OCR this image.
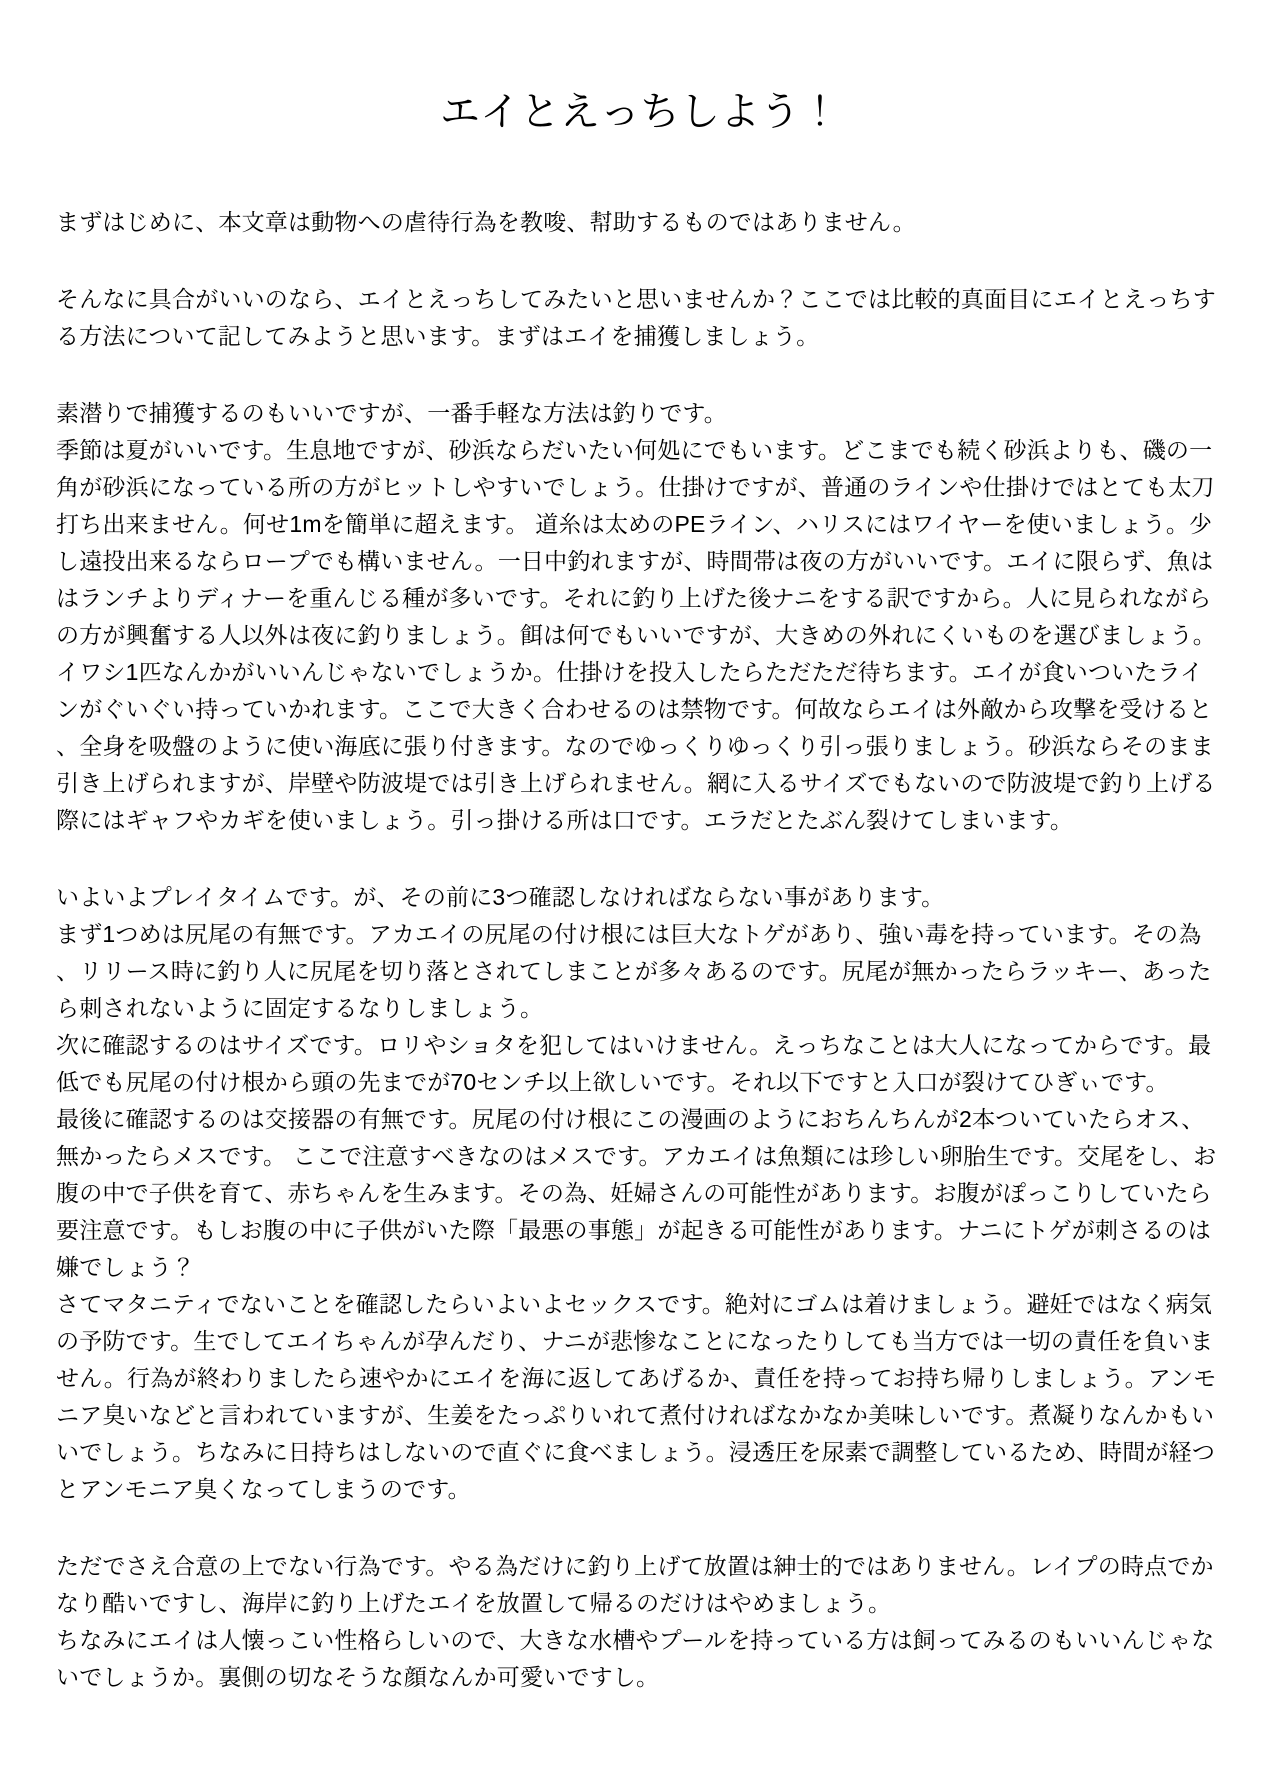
エイとえっちしよう！

まずはじめに、本文章は動物への虐待行為を教唆、幇助するものではありません。

そんなに具合がいいのなら、エイとえっちしてみたいと思いませんか？ここでは比較的真面目にエイとえっちする方法について記してみようと思います。まずはエイを捕獲しましょう。

素潜りで捕獲するのもいいですが、一番手軽な方法は釣りです。

季節は夏がいいです。生息地ですが、砂浜ならだいたい何処にでもいます。どこまでも続く砂浜よりも、磯の一角が砂浜になっている所の方がヒットしやすいでしょう。仕掛けですが、普通のラインや仕掛けではとても太刀打ち出来ません。何せ1mを簡単に超えます。 道糸は太めのPEライン、ハリスにはワイヤーを使いましょう。少し遠投出来るならロープでも構いません。一日中釣れますが、時間帯は夜の方がいいです。エイに限らず、魚ははランチよりディナーを重んじる種が多いです。それに釣り上げた後ナニをする訳ですから。人に見られながらの方が興奮する人以外は夜に釣りましょう。餌は何でもいいですが、大きめの外れにくいものを選びましょう。イワシ1匹なんかがいいんじゃないでしょうか。仕掛けを投入したらただただ待ちます。エイが食いついたラインがぐいぐい持っていかれます。ここで大きく合わせるのは禁物です。何故ならエイは外敵から攻撃を受けると、全身を吸盤のように使い海底に張り付きます。なのでゆっくりゆっくり引っ張りましょう。砂浜ならそのまま引き上げられますが、岸壁や防波堤では引き上げられません。網に入るサイズでもないので防波堤で釣り上げる際にはギャフやカギを使いましょう。引っ掛ける所は口です。エラだとたぶん裂けてしまいます。

いよいよプレイタイムです。が、その前に3つ確認しなければならない事があります。

まず1つめは尻尾の有無です。アカエイの尻尾の付け根には巨大なトゲがあり、強い毒を持っています。その為、リリース時に釣り人に尻尾を切り落とされてしまことが多々あるのです。尻尾が無かったらラッキー、あったら刺されないように固定するなりしましょう。

次に確認するのはサイズです。ロリやショタを犯してはいけません。えっちなことは大人になってからです。最低でも尻尾の付け根から頭の先までが70センチ以上欲しいです。それ以下ですと入口が裂けてひぎぃです。

最後に確認するのは交接器の有無です。尻尾の付け根にこの漫画のようにおちんちんが2本ついていたらオス、無かったらメスです。 ここで注意すべきなのはメスです。アカエイは魚類には珍しい卵胎生です。交尾をし、お腹の中で子供を育て、赤ちゃんを生みます。その為、妊婦さんの可能性があります。お腹がぽっこりしていたら要注意です。もしお腹の中に子供がいた際「最悪の事態」が起きる可能性があります。ナニにトゲが刺さるのは嫌でしょう？

さてマタニティでないことを確認したらいよいよセックスです。絶対にゴムは着けましょう。避妊ではなく病気の予防です。生でしてエイちゃんが孕んだり、ナニが悲惨なことになったりしても当方では一切の責任を負いません。行為が終わりましたら速やかにエイを海に返してあげるか、責任を持ってお持ち帰りしましょう。アンモニア臭いなどと言われていますが、生姜をたっぷりいれて煮付ければなかなか美味しいです。煮凝りなんかもいいでしょう。ちなみに日持ちはしないので直ぐに食べましょう。浸透圧を尿素で調整しているため、時間が経つとアンモニア臭くなってしまうのです。

ただでさえ合意の上でない行為です。やる為だけに釣り上げて放置は紳士的ではありません。レイプの時点でかなり酷いですし、海岸に釣り上げたエイを放置して帰るのだけはやめましょう。

ちなみにエイは人懐っこい性格らしいので、大きな水槽やプールを持っている方は飼ってみるのもいいんじゃないでしょうか。裏側の切なそうな顔なんか可愛いですし。
